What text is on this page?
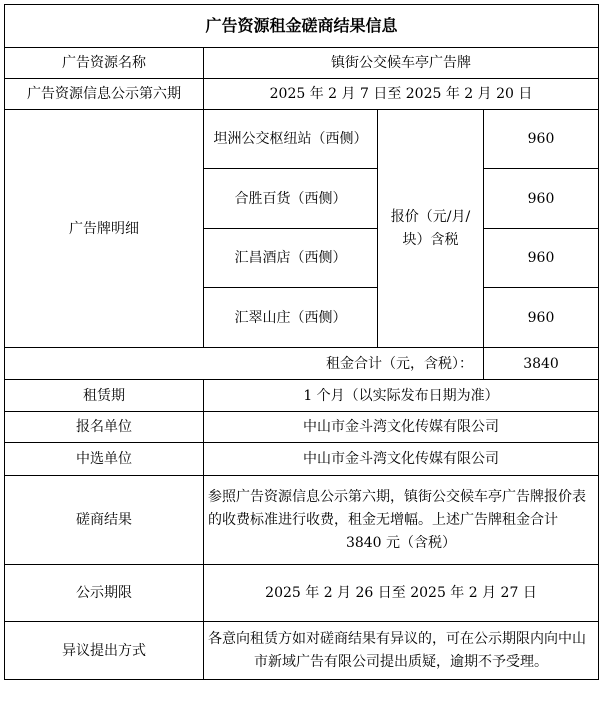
广告资源租金磋商结果信息			
广告资源名称	镇街公交候车亭广告牌		
广告资源信息公示第六期	2025 年 2 月 7 日至 2025 年 2 月 20 日		
广告牌明细	坦洲公交枢纽站（西侧）	报价（元/月/块）含税	960
	合胜百货（西侧）		960
	汇昌酒店（西侧）		960
	汇翠山庄（西侧）		960
租金合计（元，含税）：			3840
租赁期	1 个月（以实际发布日期为准）		
报名单位	中山市金斗湾文化传媒有限公司		
中选单位	中山市金斗湾文化传媒有限公司		
磋商结果	参照广告资源信息公示第六期，镇街公交候车亭广告牌报价表的收费标准进行收费，租金无增幅。上述广告牌租金合计 3840 元（含税）		
公示期限	2025 年 2 月 26 日至 2025 年 2 月 27 日		
异议提出方式	各意向租赁方如对磋商结果有异议的，可在公示期限内向中山市新域广告有限公司提出质疑，逾期不予受理。		
